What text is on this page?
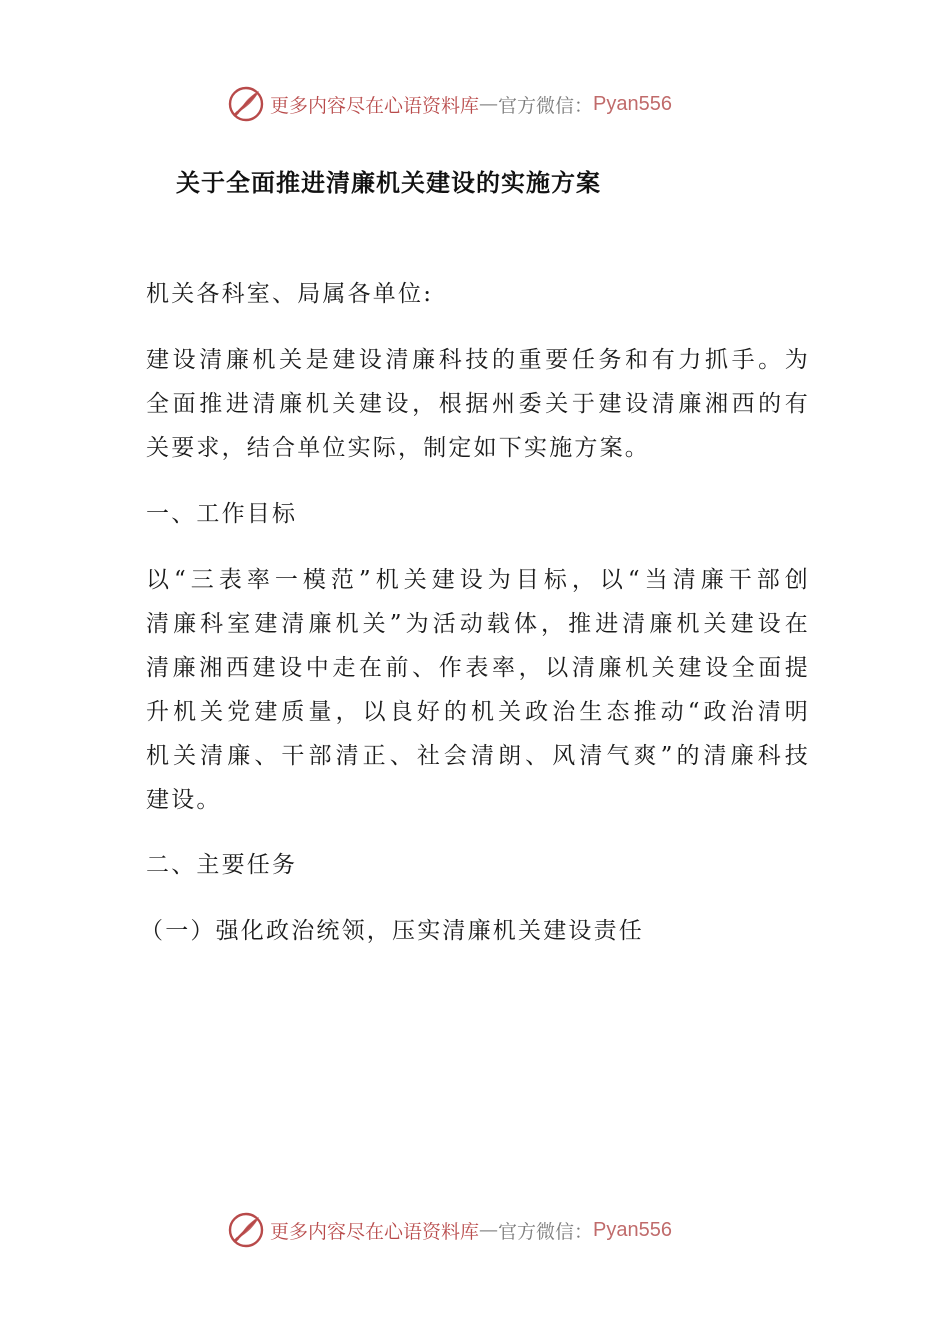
更多内容尽在心语资料库 — 官方微信： Pyan556
关于全面推进清廉机关建设的实施方案
机关各科室、局属各单位:
建设清廉机关是建设清廉科技的重要任务和有力抓手。为
全面推进清廉机关建设，根据州委关于建设清廉湘西的有
关要求，结合单位实际，制定如下实施方案。
一、工作目标
以“三表率一模范”机关建设为目标，以“当清廉干部创
清廉科室建清廉机关”为活动载体，推进清廉机关建设在
清廉湘西建设中走在前、作表率，以清廉机关建设全面提
升机关党建质量，以良好的机关政治生态推动“政治清明
机关清廉、干部清正、社会清朗、风清气爽”的清廉科技
建设。
二、主要任务
（一）强化政治统领，压实清廉机关建设责任
更多内容尽在心语资料库 — 官方微信： Pyan556
